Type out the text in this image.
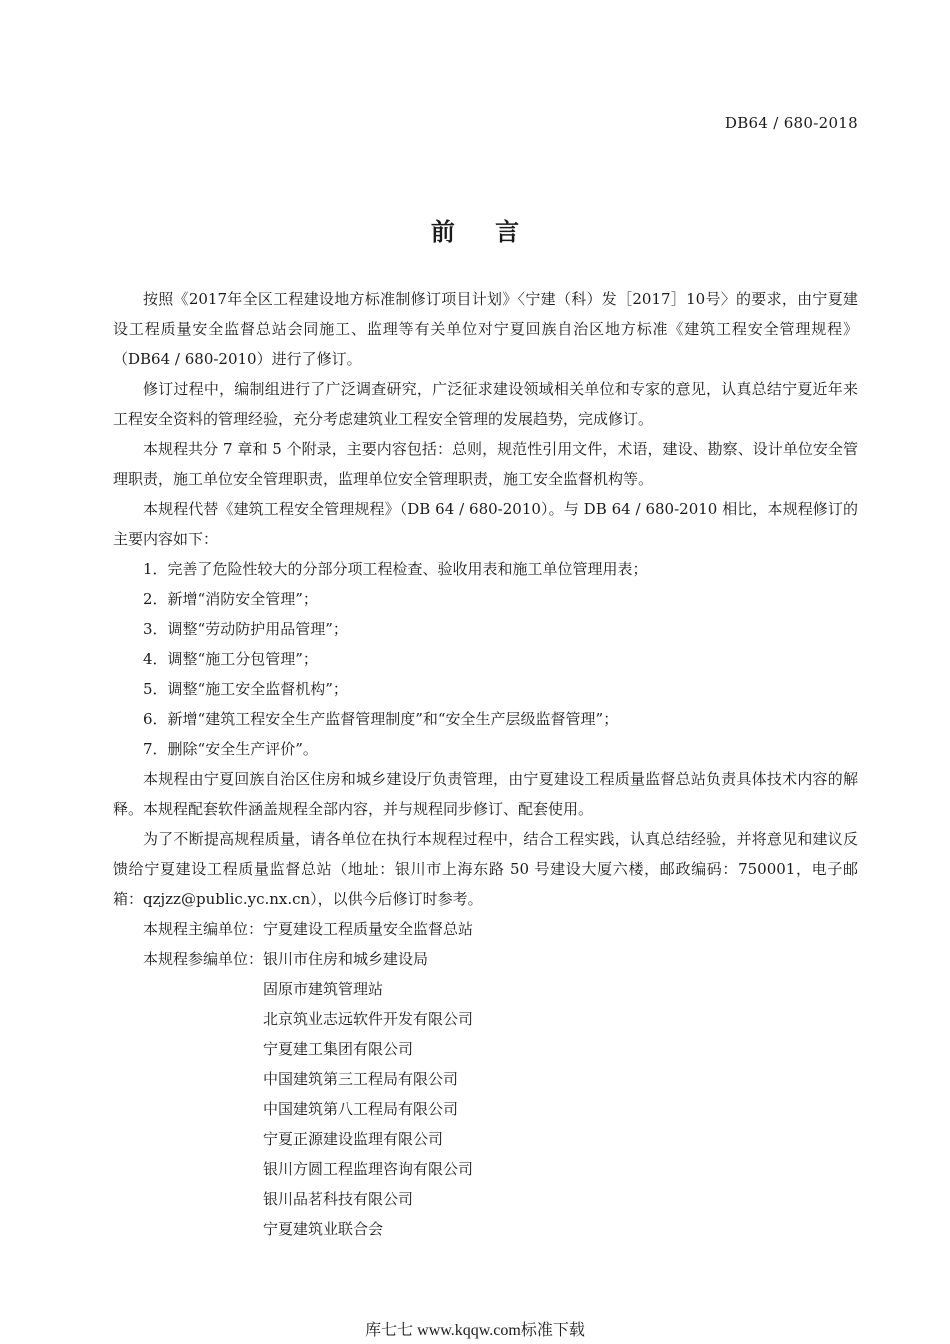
DB64 / 680-2018
前 言

按照《2017年全区工程建设地方标准制修订项目计划》〈宁建（科）发［2017］10号〉的要求，由宁夏建设工程质量安全监督总站会同施工、监理等有关单位对宁夏回族自治区地方标准《建筑工程安全管理规程》（DB64 / 680-2010）进行了修订。

修订过程中，编制组进行了广泛调查研究，广泛征求建设领域相关单位和专家的意见，认真总结宁夏近年来工程安全资料的管理经验，充分考虑建筑业工程安全管理的发展趋势，完成修订。

本规程共分 7 章和 5 个附录，主要内容包括：总则，规范性引用文件，术语，建设、勘察、设计单位安全管理职责，施工单位安全管理职责，监理单位安全管理职责，施工安全监督机构等。

本规程代替《建筑工程安全管理规程》（DB 64 / 680-2010）。与 DB 64 / 680-2010 相比，本规程修订的主要内容如下：

1．完善了危险性较大的分部分项工程检查、验收用表和施工单位管理用表；

2．新增“消防安全管理”；

3．调整“劳动防护用品管理”；

4．调整“施工分包管理”；

5．调整“施工安全监督机构”；

6．新增“建筑工程安全生产监督管理制度”和“安全生产层级监督管理”；

7．删除“安全生产评价”。

本规程由宁夏回族自治区住房和城乡建设厅负责管理，由宁夏建设工程质量监督总站负责具体技术内容的解释。本规程配套软件涵盖规程全部内容，并与规程同步修订、配套使用。

为了不断提高规程质量，请各单位在执行本规程过程中，结合工程实践，认真总结经验，并将意见和建议反馈给宁夏建设工程质量监督总站（地址：银川市上海东路 50 号建设大厦六楼，邮政编码：750001，电子邮箱：qzjzz@public.yc.nx.cn），以供今后修订时参考。

本规程主编单位： 宁夏建设工程质量安全监督总站
本规程参编单位： 银川市住房和城乡建设局
固原市建筑管理站
北京筑业志远软件开发有限公司
宁夏建工集团有限公司
中国建筑第三工程局有限公司
中国建筑第八工程局有限公司
宁夏正源建设监理有限公司
银川方圆工程监理咨询有限公司
银川品茗科技有限公司
宁夏建筑业联合会
库七七 www.kqqw.com标准下载
